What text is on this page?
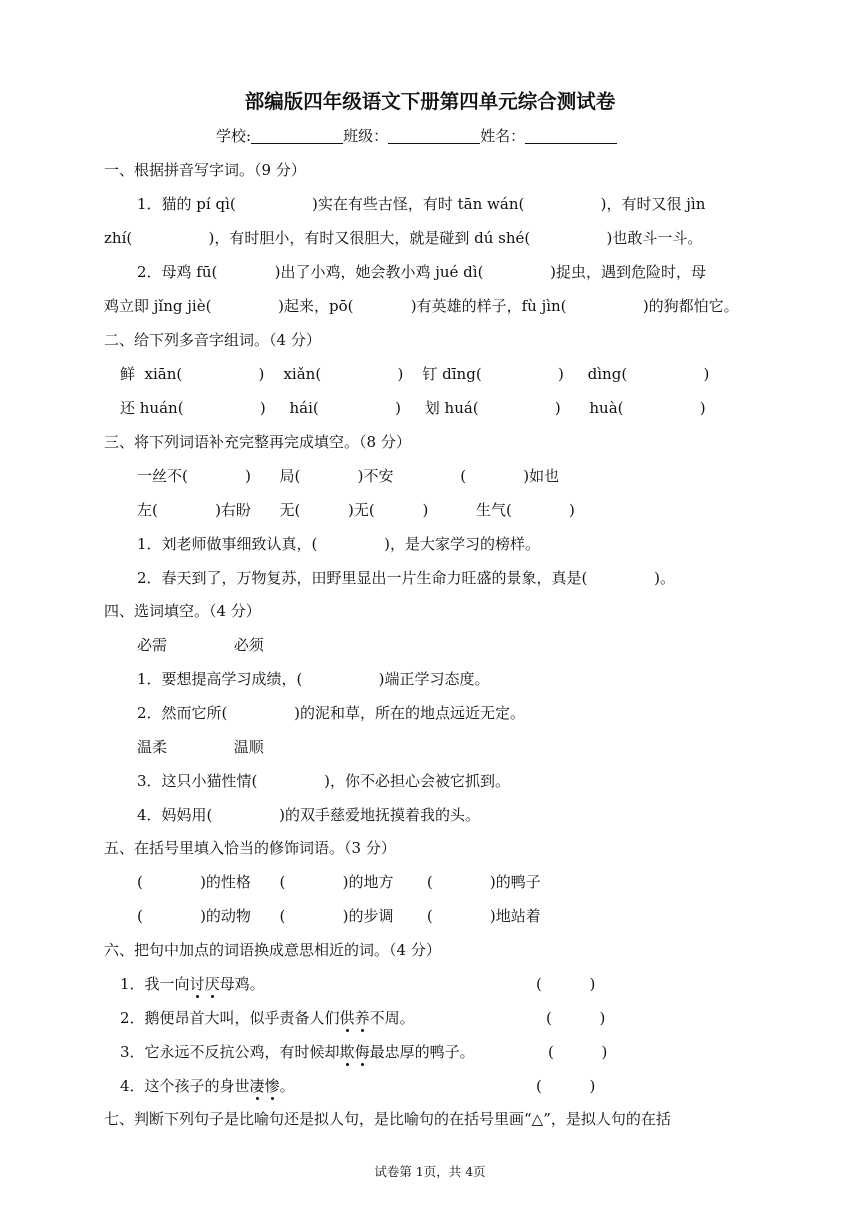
部编版四年级语文下册第四单元综合测试卷
学校:	班级：	姓名：
一、根据拼音写字词。（9 分）
1．猫的 pí qì(                )实在有些古怪，有时 tān wán(                )，有时又很 jìn
zhí(                )，有时胆小，有时又很胆大，就是碰到 dú shé(                )也敢斗一斗。
2．母鸡 fū(            )出了小鸡，她会教小鸡 jué dì(              )捉虫，遇到危险时，母
鸡立即 jǐng jiè(              )起来，pō(            )有英雄的样子，fù jìn(                )的狗都怕它。
二、给下列多音字组词。（4 分）
鲜  xiān(                )    xiǎn(                )    钉 dīng(                )     dìng(                )
还 huán(                )     hái(                )     划 huá(                )      huà(                )
三、将下列词语补充完整再完成填空。（8 分）
一丝不(            )      局(            )不安              (            )如也
左(            )右盼      无(          )无(          )          生气(            )
1．刘老师做事细致认真，(              )，是大家学习的榜样。
2．春天到了，万物复苏，田野里显出一片生命力旺盛的景象，真是(              )。
四、选词填空。（4 分）
必需              必须
1．要想提高学习成绩，(                )端正学习态度。
2．然而它所(              )的泥和草，所在的地点远近无定。
温柔              温顺
3．这只小猫性情(              )，你不必担心会被它抓到。
4．妈妈用(              )的双手慈爱地抚摸着我的头。
五、在括号里填入恰当的修饰词语。（3 分）
(            )的性格      (            )的地方       (            )的鸭子
(            )的动物      (            )的步调       (            )地站着
六、把句中加点的词语换成意思相近的词。（4 分）
1．我一向讨厌母鸡。	(          )
2．鹅便昂首大叫，似乎责备人们供养不周。	(          )
3．它永远不反抗公鸡，有时候却欺侮最忠厚的鸭子。	(          )
4．这个孩子的身世凄惨。	(          )
七、判断下列句子是比喻句还是拟人句，是比喻句的在括号里画“△”，是拟人句的在括
试卷第 1页，共 4页
